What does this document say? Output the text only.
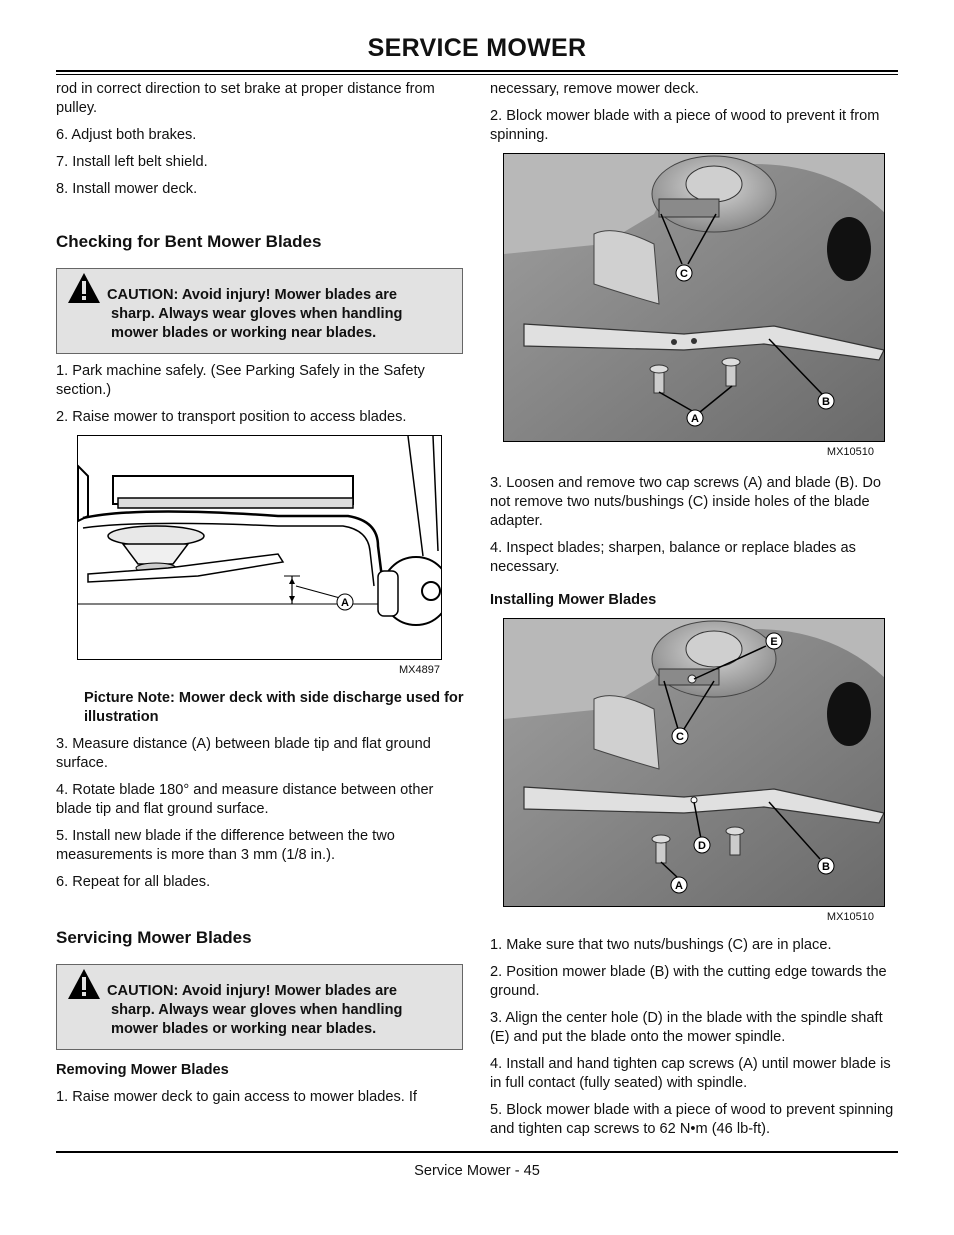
SERVICE MOWER

rod in correct direction to set brake at proper distance from pulley.

6. Adjust both brakes.

7. Install left belt shield.

8. Install mower deck.

Checking for Bent Mower Blades
CAUTION: Avoid injury! Mower blades are
sharp. Always wear gloves when handling
mower blades or working near blades.

1. Park machine safely. (See Parking Safely in the Safety section.)

2. Raise mower to transport position to access blades.

A
MX4897

Picture Note: Mower deck with side discharge used for illustration

3. Measure distance (A) between blade tip and flat ground surface.

4. Rotate blade 180° and measure distance between other blade tip and flat ground surface.

5. Install new blade if the difference between the two measurements is more than 3 mm (1/8 in.).

6. Repeat for all blades.

Servicing Mower Blades
CAUTION: Avoid injury! Mower blades are
sharp. Always wear gloves when handling
mower blades or working near blades.
Removing Mower Blades

1. Raise mower deck to gain access to mower blades. If

necessary, remove mower deck.

2. Block mower blade with a piece of wood to prevent it from spinning.

C
B
A
MX10510

3. Loosen and remove two cap screws (A) and blade (B). Do not remove two nuts/bushings (C) inside holes of the blade adapter.

4. Inspect blades; sharpen, balance or replace blades as necessary.

Installing Mower Blades
E
C
D
B
A
MX10510

1. Make sure that two nuts/bushings (C) are in place.

2. Position mower blade (B) with the cutting edge towards the ground.

3. Align the center hole (D) in the blade with the spindle shaft (E) and put the blade onto the mower spindle.

4. Install and hand tighten cap screws (A) until mower blade is in full contact (fully seated) with spindle.

5. Block mower blade with a piece of wood to prevent spinning and tighten cap screws to 62 N•m (46 lb-ft).

Service Mower - 45
